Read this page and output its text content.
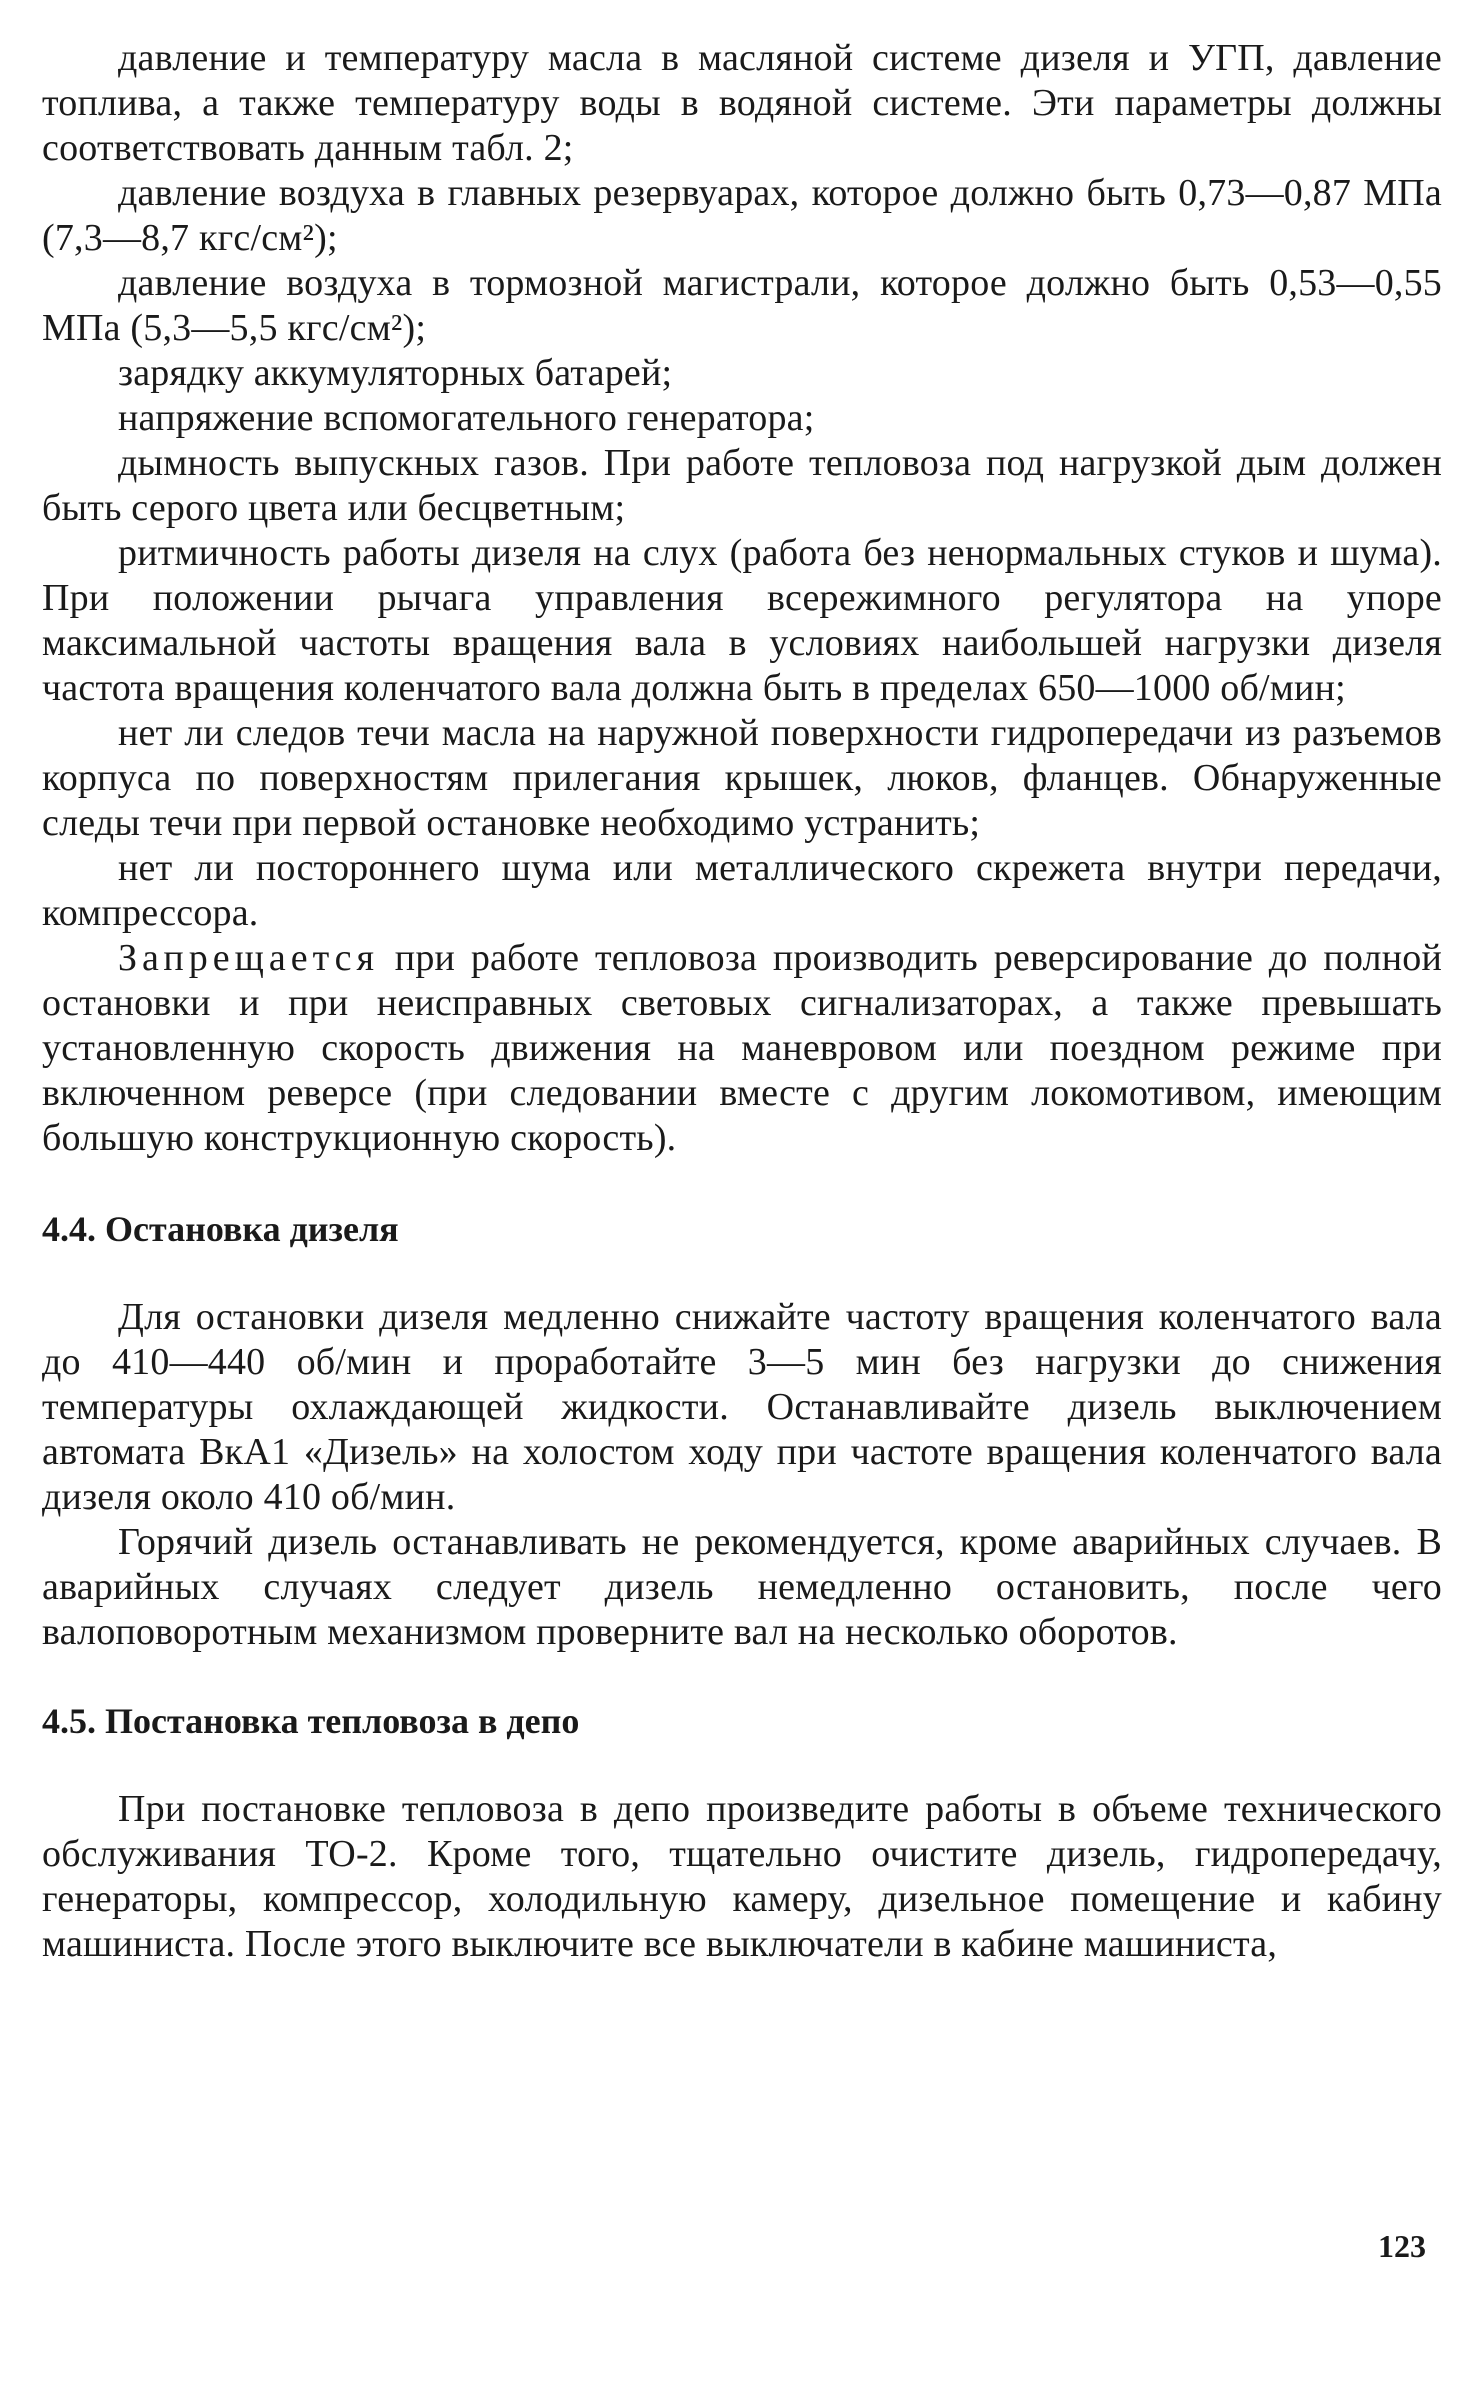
давление и температуру масла в масляной системе дизеля и УГП, давление топлива, а также температуру воды в водяной системе. Эти параметры должны соответствовать данным табл. 2;

давление воздуха в главных резервуарах, которое должно быть 0,73—0,87 МПа (7,3—8,7 кгс/см²);

давление воздуха в тормозной магистрали, которое должно быть 0,53—0,55 МПа (5,3—5,5 кгс/см²);

зарядку аккумуляторных батарей;

напряжение вспомогательного генератора;

дымность выпускных газов. При работе тепловоза под нагрузкой дым должен быть серого цвета или бесцветным;

ритмичность работы дизеля на слух (работа без ненормальных стуков и шума). При положении рычага управления всережимного регулятора на упоре максимальной частоты вращения вала в условиях наибольшей нагрузки дизеля частота вращения коленчатого вала должна быть в пределах 650—1000 об/мин;

нет ли следов течи масла на наружной поверхности гидропередачи из разъемов корпуса по поверхностям прилегания крышек, люков, фланцев. Обнаруженные следы течи при первой остановке необходимо устранить;

нет ли постороннего шума или металлического скрежета внутри передачи, компрессора.

Запрещается при работе тепловоза производить реверсирование до полной остановки и при неисправных световых сигнализаторах, а также превышать установленную скорость движения на маневровом или поездном режиме при включенном реверсе (при следовании вместе с другим локомотивом, имеющим большую конструкционную скорость).

4.4. Остановка дизеля

Для остановки дизеля медленно снижайте частоту вращения коленчатого вала до 410—440 об/мин и проработайте 3—5 мин без нагрузки до снижения температуры охлаждающей жидкости. Останавливайте дизель выключением автомата ВкА1 «Дизель» на холостом ходу при частоте вращения коленчатого вала дизеля около 410 об/мин.

Горячий дизель останавливать не рекомендуется, кроме аварийных случаев. В аварийных случаях следует дизель немедленно остановить, после чего валоповоротным механизмом проверните вал на несколько оборотов.

4.5. Постановка тепловоза в депо

При постановке тепловоза в депо произведите работы в объеме технического обслуживания ТО-2. Кроме того, тщательно очистите дизель, гидропередачу, генераторы, компрессор, холодильную камеру, дизельное помещение и кабину машиниста. После этого выключите все выключатели в кабине машиниста,

123
